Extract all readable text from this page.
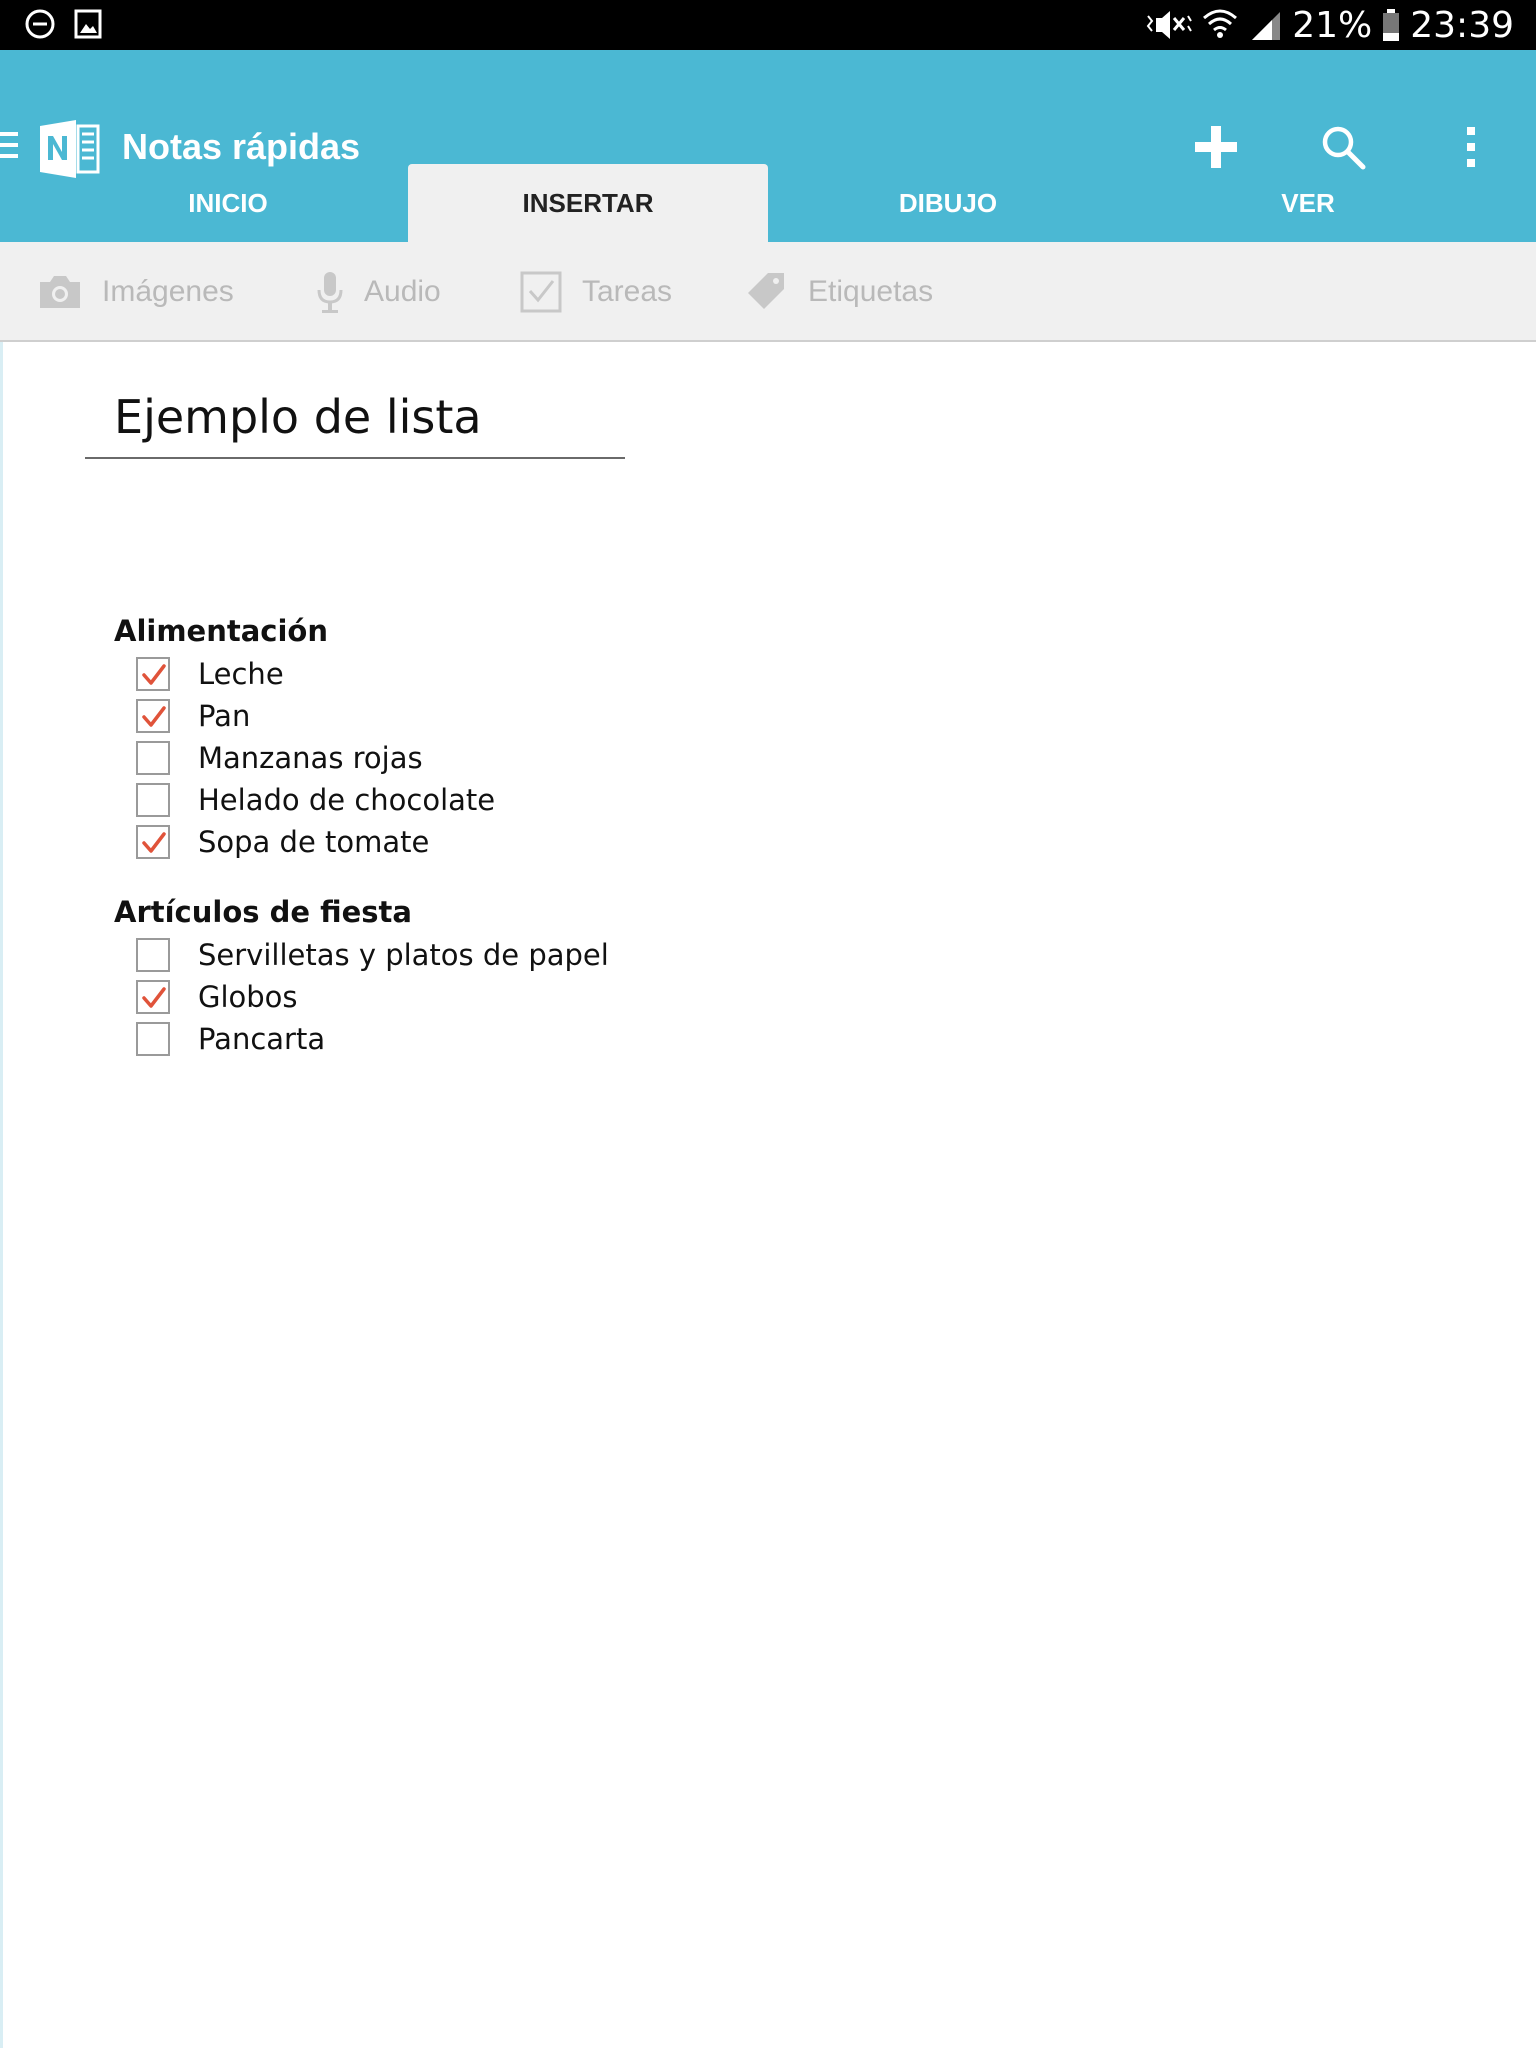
21% 23:39
Notas rápidas
INICIO	INSERTAR	DIBUJO	VER
Imágenes	Audio	Tareas	Etiquetas
Ejemplo de lista
Alimentación
Leche
Pan
Manzanas rojas
Helado de chocolate
Sopa de tomate
Artículos de fiesta
Servilletas y platos de papel
Globos
Pancarta
